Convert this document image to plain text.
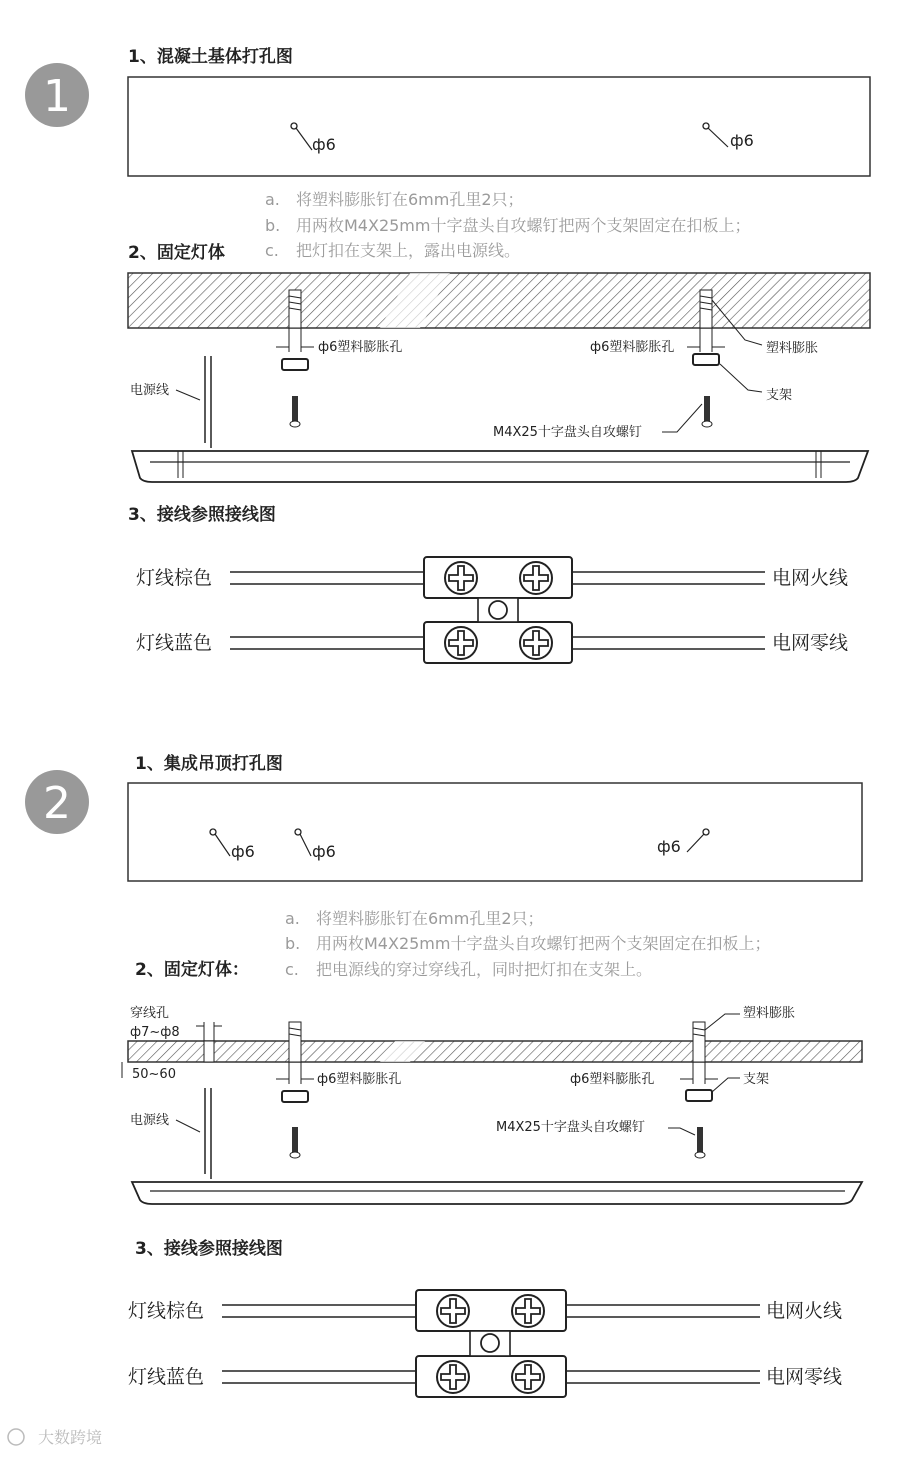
1
1、混凝土基体打孔图
ф6	ф6
a. 将塑料膨胀钉在6mm孔里2只；
b. 用两枚M4X25mm十字盘头自攻螺钉把两个支架固定在扣板上；
c. 把灯扣在支架上，露出电源线。
2、固定灯体
ф6塑料膨胀孔	ф6塑料膨胀孔	塑料膨胀
支架
M4X25十字盘头自攻螺钉
电源线
3、接线参照接线图
灯线棕色
灯线蓝色
电网火线
电网零线
2
1、集成吊顶打孔图
ф6	ф6	ф6
a. 将塑料膨胀钉在6mm孔里2只；
b. 用两枚M4X25mm十字盘头自攻螺钉把两个支架固定在扣板上；
c. 把电源线的穿过穿线孔，同时把灯扣在支架上。
2、固定灯体：
穿线孔
ф7~ф8
50~60	ф6塑料膨胀孔
塑料膨胀
ф6塑料膨胀孔	支架
M4X25十字盘头自攻螺钉
电源线
3、接线参照接线图
灯线棕色
灯线蓝色
电网火线
电网零线
大数跨境
